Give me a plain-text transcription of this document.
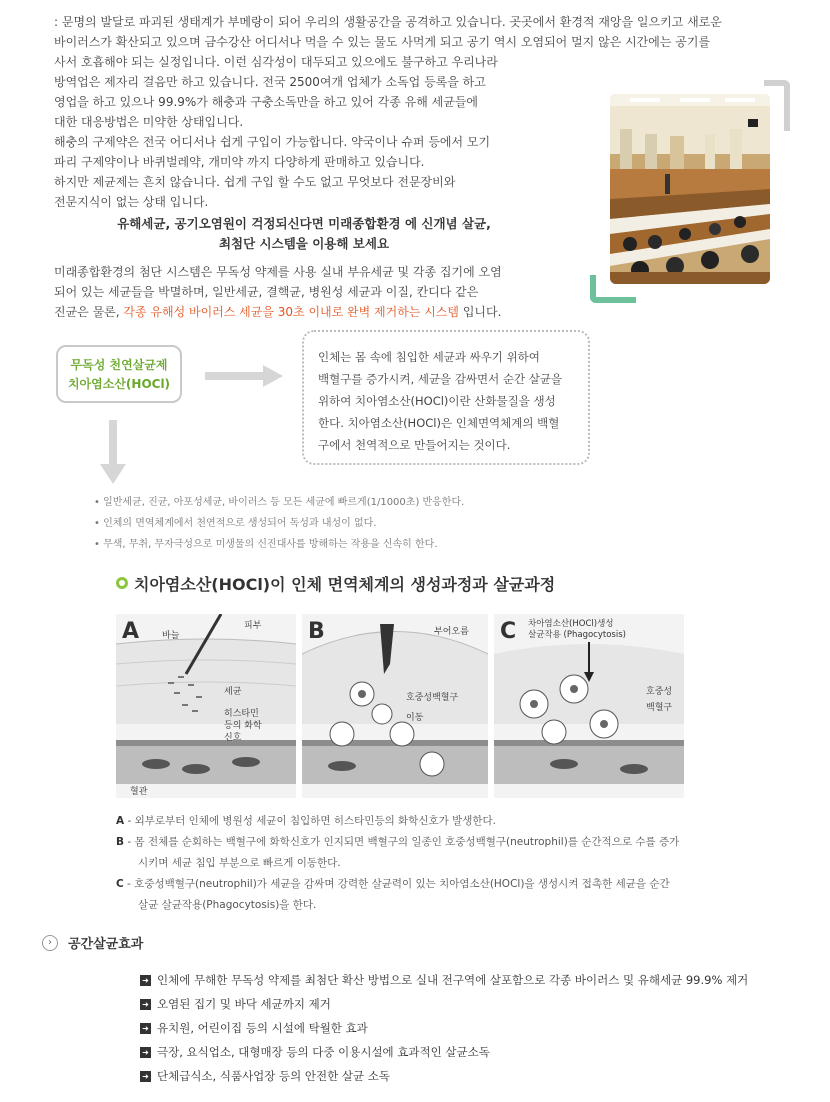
: 문명의 발달로 파괴된 생태계가 부메랑이 되어 우리의 생활공간을 공격하고 있습니다. 곳곳에서 환경적 재앙을 일으키고 새로운
바이러스가 확산되고 있으며 금수강산 어디서나 먹을 수 있는 물도 사먹게 되고 공기 역시 오염되어 멀지 않은 시간에는 공기를
사서 호흡해야 되는 실정입니다. 이런 심각성이 대두되고 있으에도 불구하고 우리나라
방역업은 제자리 걸음만 하고 있습니다. 전국 2500여개 업체가 소독업 등록을 하고
영업을 하고 있으나 99.9%가 해충과 구충소독만을 하고 있어 각종 유해 세균들에
대한 대응방법은 미약한 상태입니다.
해충의 구제약은 전국 어디서나 쉽게 구입이 가능합니다. 약국이나 슈퍼 등에서 모기
파리 구제약이나 바퀴벌레약, 개미약 까지 다양하게 판매하고 있습니다.
하지만 제균제는 흔치 않습니다. 쉽게 구입 할 수도 없고 무엇보다 전문장비와
전문지식이 없는 상태 입니다.
유해세균, 공기오염원이 걱정되신다면 미래종합환경 에 신개념 살균,
최첨단 시스템을 이용해 보세요
미래종합환경의 첨단 시스템은 무독성 약제를 사용 실내 부유세균 및 각종 집기에 오염
되어 있는 세균들을 박멸하며, 일반세균, 결핵균, 병원성 세균과 이질, 칸디다 같은
진균은 물론, 각종 유해성 바이러스 세균을 30초 이내로 완벽 제거하는 시스템 입니다.
무독성 천연살균제
치아염소산(HOCl)
인체는 몸 속에 침입한 세균과 싸우기 위하여
백혈구를 증가시켜, 세균을 감싸면서 순간 살균을
위하여 치아염소산(HOCl)이란 산화물질을 생성
한다. 치아염소산(HOCl)은 인체면역체계의 백혈
구에서 천역적으로 만들어지는 것이다.
• 일반세균, 진균, 아포성세균, 바이러스 등 모든 세균에 빠르게(1/1000초) 반응한다.
• 인체의 면역체계에서 천연적으로 생성되어 독성과 내성이 없다.
• 무색, 무취, 무자극성으로 미생물의 신진대사를 방해하는 작용을 신속히 한다.
치아염소산(HOCl)이 인체 면역체계의 생성과정과 살균과정
A	바늘
피부
세균
히스타민
등의 화학
신호
혈관
B	부어오름
호중성백혈구
이동
C 차아염소산(HOCl)생성
살균작용 (Phagocytosis)
호중성
백혈구
A - 외부로부터 인체에 병원성 세균이 침입하면 히스타민등의 화학신호가 발생한다.
B - 몸 전체를 순회하는 백혈구에 화학신호가 인지되면 백혈구의 일종인 호중성백혈구(neutrophil)를 순간적으로 수를 증가
시키며 세균 침입 부분으로 빠르게 이동한다.
C - 호중성백혈구(neutrophil)가 세균을 감싸며 강력한 살균력이 있는 치아염소산(HOCl)을 생성시켜 접촉한 세균을 순간
살균 살균작용(Phagocytosis)을 한다.
›	공간살균효과
➜ 인체에 무해한 무독성 약제를 최첨단 확산 방법으로 실내 전구역에 살포함으로 각종 바이러스 및 유해세균 99.9% 제거
➜ 오염된 집기 및 바닥 세균까지 제거
➜ 유치원, 어린이집 등의 시설에 탁월한 효과
➜ 극장, 요식업소, 대형매장 등의 다중 이용시설에 효과적인 살균소독
➜ 단체급식소, 식품사업장 등의 안전한 살균 소독
